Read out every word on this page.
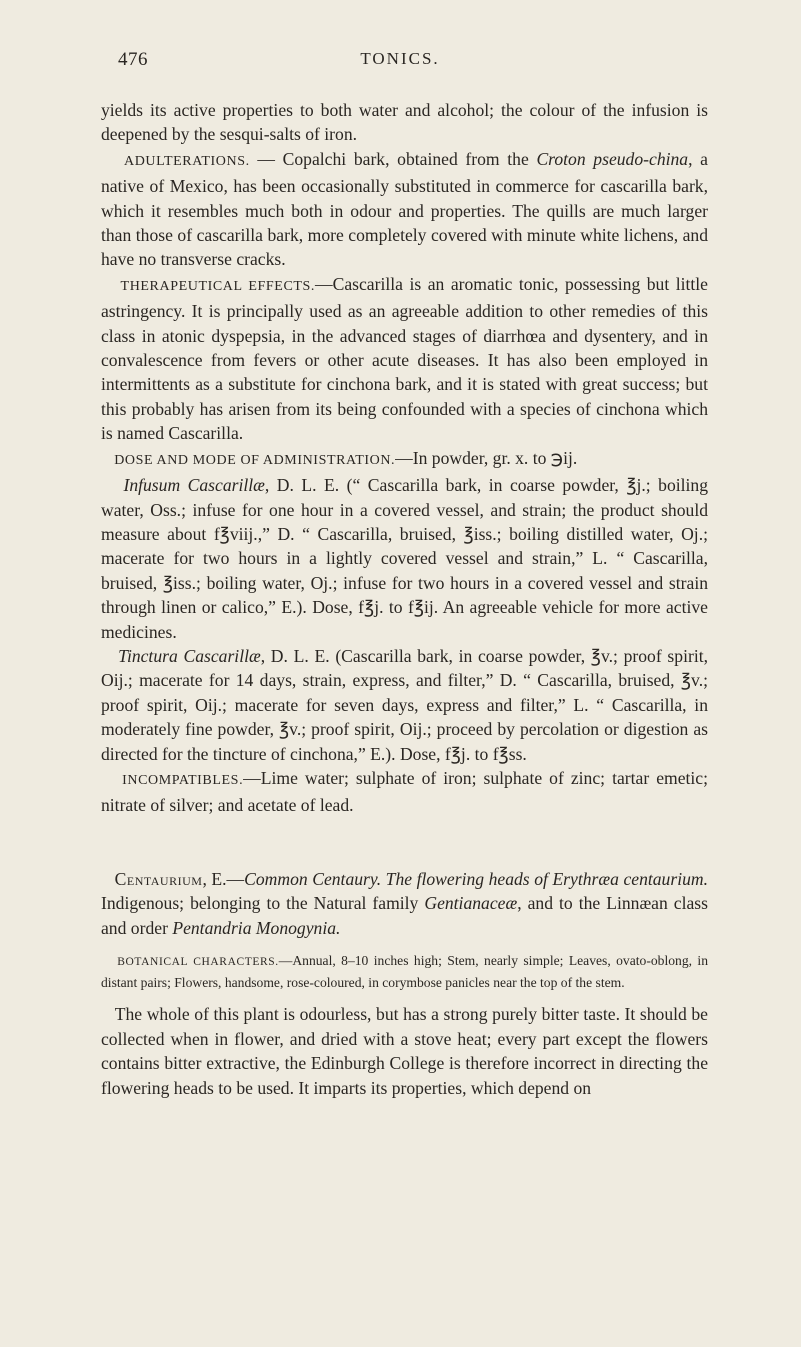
476	TONICS.

yields its active properties to both water and alcohol; the colour of the infusion is deepened by the sesqui-salts of iron.

ADULTERATIONS. — Copalchi bark, obtained from the Croton pseudo-china, a native of Mexico, has been occasionally substituted in commerce for cascarilla bark, which it resembles much both in odour and properties. The quills are much larger than those of cascarilla bark, more completely covered with minute white lichens, and have no transverse cracks.

THERAPEUTICAL EFFECTS.—Cascarilla is an aromatic tonic, possessing but little astringency. It is principally used as an agreeable addition to other remedies of this class in atonic dyspepsia, in the advanced stages of diarrhœa and dysentery, and in convalescence from fevers or other acute diseases. It has also been employed in intermittents as a substitute for cinchona bark, and it is stated with great success; but this probably has arisen from its being confounded with a species of cinchona which is named Cascarilla.

DOSE AND MODE OF ADMINISTRATION.—In powder, gr. x. to ℈ij.

Infusum Cascarillæ, D. L. E. (“ Cascarilla bark, in coarse powder, ℥j.; boiling water, Oss.; infuse for one hour in a covered vessel, and strain; the product should measure about f℥viij.,” D. “ Cascarilla, bruised, ℥iss.; boiling distilled water, Oj.; macerate for two hours in a lightly covered vessel and strain,” L. “ Cascarilla, bruised, ℥iss.; boiling water, Oj.; infuse for two hours in a covered vessel and strain through linen or calico,” E.). Dose, f℥j. to f℥ij. An agreeable vehicle for more active medicines.

Tinctura Cascarillæ, D. L. E. (Cascarilla bark, in coarse powder, ℥v.; proof spirit, Oij.; macerate for 14 days, strain, express, and filter,” D. “ Cascarilla, bruised, ℥v.; proof spirit, Oij.; macerate for seven days, express and filter,” L. “ Cascarilla, in moderately fine powder, ℥v.; proof spirit, Oij.; proceed by percolation or digestion as directed for the tincture of cinchona,” E.). Dose, f℥j. to f℥ss.

INCOMPATIBLES.—Lime water; sulphate of iron; sulphate of zinc; tartar emetic; nitrate of silver; and acetate of lead.

Centaurium, E.—Common Centaury. The flowering heads of Erythræa centaurium. Indigenous; belonging to the Natural family Gentianaceæ, and to the Linnæan class and order Pentandria Monogynia.

BOTANICAL CHARACTERS.—Annual, 8–10 inches high; Stem, nearly simple; Leaves, ovato-oblong, in distant pairs; Flowers, handsome, rose-coloured, in corymbose panicles near the top of the stem.

The whole of this plant is odourless, but has a strong purely bitter taste. It should be collected when in flower, and dried with a stove heat; every part except the flowers contains bitter extractive, the Edinburgh College is therefore incorrect in directing the flowering heads to be used. It imparts its properties, which depend on
